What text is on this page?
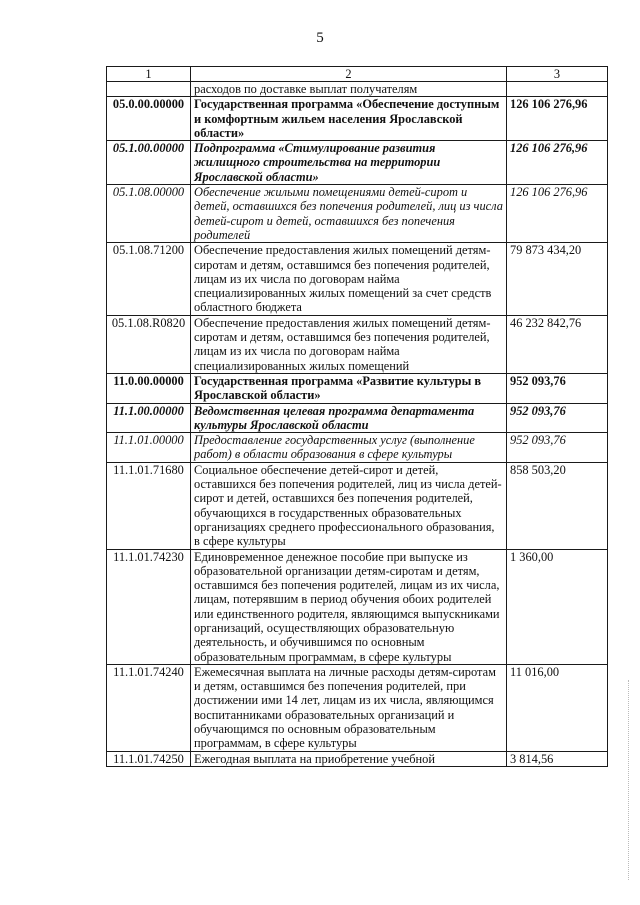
5
1	2	3
	расходов по доставке выплат получателям	
05.0.00.00000	Государственная программа «Обеспечение доступным и комфортным жильем населения Ярославской области»	126 106 276,96
05.1.00.00000	Подпрограмма «Стимулирование развития жилищного строительства на территории Ярославской области»	126 106 276,96
05.1.08.00000	Обеспечение жилыми помещениями детей-сирот и детей, оставшихся без попечения родителей, лиц из числа детей-сирот и детей, оставшихся без попечения родителей	126 106 276,96
05.1.08.71200	Обеспечение предоставления жилых помещений детям-сиротам и детям, оставшимся без попечения родителей, лицам из их числа по договорам найма специализированных жилых помещений за счет средств областного бюджета	79 873 434,20
05.1.08.R0820	Обеспечение предоставления жилых помещений детям-сиротам и детям, оставшимся без попечения родителей, лицам из их числа по договорам найма специализированных жилых помещений	46 232 842,76
11.0.00.00000	Государственная программа «Развитие культуры в Ярославской области»	952 093,76
11.1.00.00000	Ведомственная целевая программа департамента культуры Ярославской области	952 093,76
11.1.01.00000	Предоставление государственных услуг (выполнение работ) в области образования в сфере культуры	952 093,76
11.1.01.71680	Социальное обеспечение детей-сирот и детей, оставшихся без попечения родителей, лиц из числа детей-сирот и детей, оставшихся без попечения родителей, обучающихся в государственных образовательных организациях среднего профессионального образования, в сфере культуры	858 503,20
11.1.01.74230	Единовременное денежное пособие при выпуске из образовательной организации детям-сиротам и детям, оставшимся без попечения родителей, лицам из их числа, лицам, потерявшим в период обучения обоих родителей или единственного родителя, являющимся выпускниками организаций, осуществляющих образовательную деятельность, и обучившимся по основным образовательным программам, в сфере культуры	1 360,00
11.1.01.74240	Ежемесячная выплата на личные расходы детям-сиротам и детям, оставшимся без попечения родителей, при достижении ими 14 лет, лицам из их числа, являющимся воспитанниками образовательных организаций и обучающимся по основным образовательным программам, в сфере культуры	11 016,00
11.1.01.74250	Ежегодная выплата на приобретение учебной	3 814,56
